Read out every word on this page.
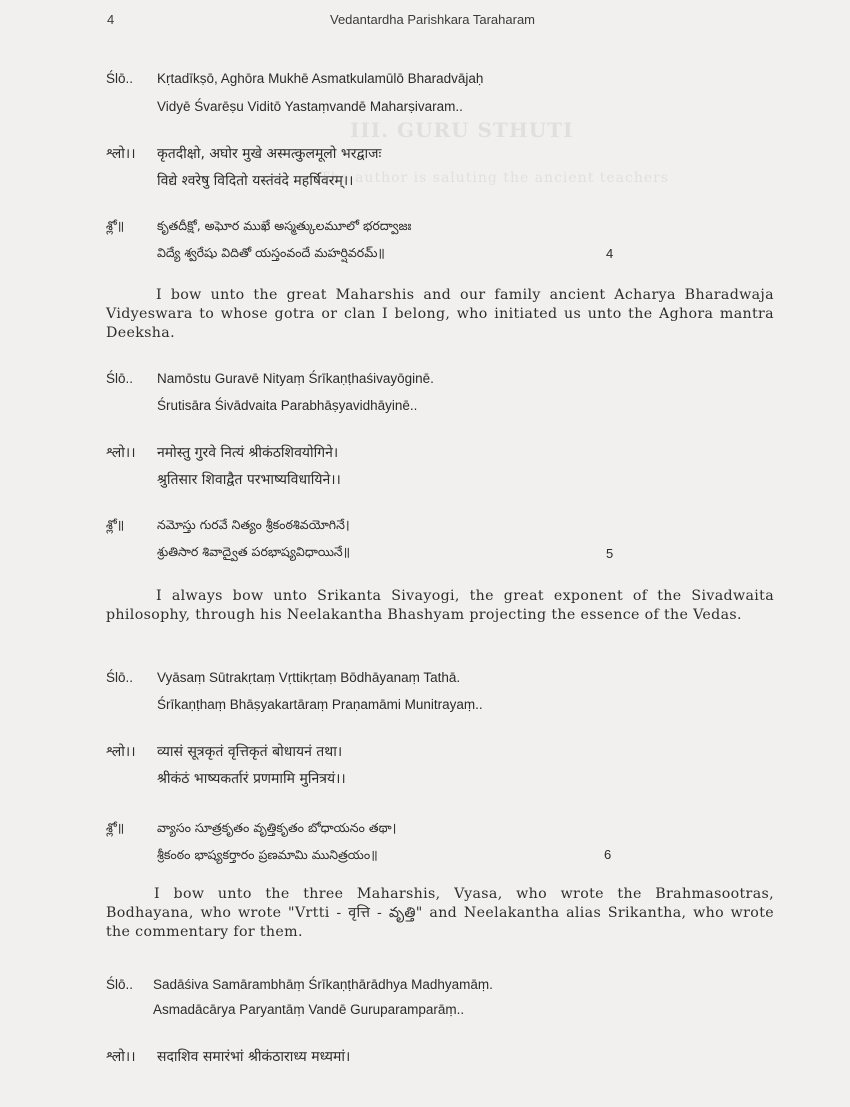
III. GURU STHUTI
The author is saluting the ancient teachers
4	Vedantardha Parishkara Taraharam
Ślō.. Kṛtadīkṣō, Aghōra Mukhē Asmatkulamūlō Bharadvājaḥ
Vidyē Śvarēṣu Viditō Yastaṃvandē Maharṣivaram..
श्लो।। कृतदीक्षो, अघोर मुखे अस्मत्कुलमूलो भरद्वाजः
विद्ये श्वरेषु विदितो यस्तंवंदे महर्षिवरम्।।
శ్లో॥	కృతదీక్షో, అఘోర ముఖే అస్మత్కులమూలో భరద్వాజః
విద్యే శ్వరేషు విదితో యస్తంవందే మహర్షివరమ్॥	4

I bow unto the great Maharshis and our family ancient Acharya Bharadwaja Vidyeswara to whose gotra or clan I belong, who initiated us unto the Aghora mantra Deeksha.

Ślō.. Namōstu Guravē Nityaṃ Śrīkaṇṭhaśivayōginē.
Śrutisāra Śivādvaita Parabhāṣyavidhāyinē..
श्लो।। नमोस्तु गुरवे नित्यं श्रीकंठशिवयोगिने।
श्रुतिसार शिवाद्वैत परभाष्यविधायिने।।
శ్లో॥	నమోస్తు గురవే నిత్యం శ్రీకంఠశివయోగినే।
శ్రుతిసార శివాద్వైత పరభాష్యవిధాయినే॥	5

I always bow unto Srikanta Sivayogi, the great exponent of the Sivadwaita philosophy, through his Neelakantha Bhashyam projecting the essence of the Vedas.

Ślō.. Vyāsaṃ Sūtrakṛtaṃ Vṛttikṛtaṃ Bōdhāyanaṃ Tathā.
Śrīkaṇṭhaṃ Bhāṣyakartāraṃ Praṇamāmi Munitrayaṃ..
श्लो।। व्यासं सूत्रकृतं वृत्तिकृतं बोधायनं तथा।
श्रीकंठं भाष्यकर्तारं प्रणमामि मुनित्रयं।।
శ్లో॥	వ్యాసం సూత్రకృతం వృత్తికృతం బోధాయనం తథా।
శ్రీకంఠం భాష్యకర్తారం ప్రణమామి మునిత్రయం॥	6

I bow unto the three Maharshis, Vyasa, who wrote the Brahmasootras, Bodhayana, who wrote "Vrtti - वृत्ति - వృత్తి" and Neelakantha alias Srikantha, who wrote the commentary for them.

Ślō.. Sadāśiva Samārambhāṃ Śrīkaṇṭhārādhya Madhyamāṃ.
Asmadācārya Paryantāṃ Vandē Guruparamparāṃ..
श्लो।। सदाशिव समारंभां श्रीकंठाराध्य मध्यमां।
